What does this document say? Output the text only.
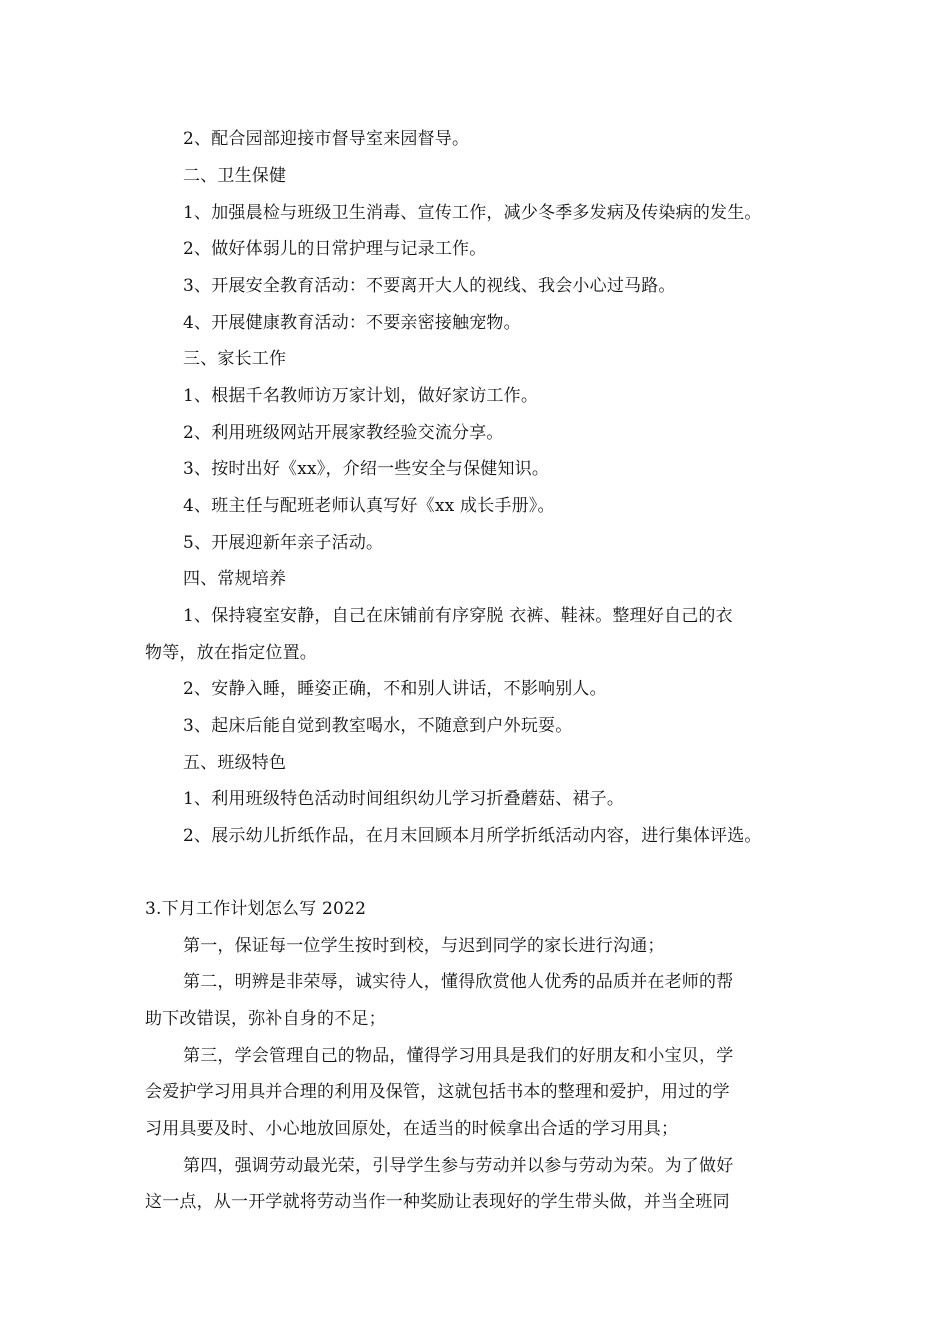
2、配合园部迎接市督导室来园督导。
二、卫生保健
1、加强晨检与班级卫生消毒、宣传工作，减少冬季多发病及传染病的发生。
2、做好体弱儿的日常护理与记录工作。
3、开展安全教育活动：不要离开大人的视线、我会小心过马路。
4、开展健康教育活动：不要亲密接触宠物。
三、家长工作
1、根据千名教师访万家计划，做好家访工作。
2、利用班级网站开展家教经验交流分享。
3、按时出好《xx》，介绍一些安全与保健知识。
4、班主任与配班老师认真写好《xx 成长手册》。
5、开展迎新年亲子活动。
四、常规培养
1、保持寝室安静，自己在床铺前有序穿脱 衣裤、鞋袜。整理好自己的衣
物等，放在指定位置。
2、安静入睡，睡姿正确，不和别人讲话，不影响别人。
3、起床后能自觉到教室喝水，不随意到户外玩耍。
五、班级特色
1、利用班级特色活动时间组织幼儿学习折叠蘑菇、裙子。
2、展示幼儿折纸作品，在月末回顾本月所学折纸活动内容，进行集体评选。
3.下月工作计划怎么写 2022
第一，保证每一位学生按时到校，与迟到同学的家长进行沟通；
第二，明辨是非荣辱，诚实待人，懂得欣赏他人优秀的品质并在老师的帮
助下改错误，弥补自身的不足；
第三，学会管理自己的物品，懂得学习用具是我们的好朋友和小宝贝，学
会爱护学习用具并合理的利用及保管，这就包括书本的整理和爱护，用过的学
习用具要及时、小心地放回原处，在适当的时候拿出合适的学习用具；
第四，强调劳动最光荣，引导学生参与劳动并以参与劳动为荣。为了做好
这一点，从一开学就将劳动当作一种奖励让表现好的学生带头做，并当全班同
